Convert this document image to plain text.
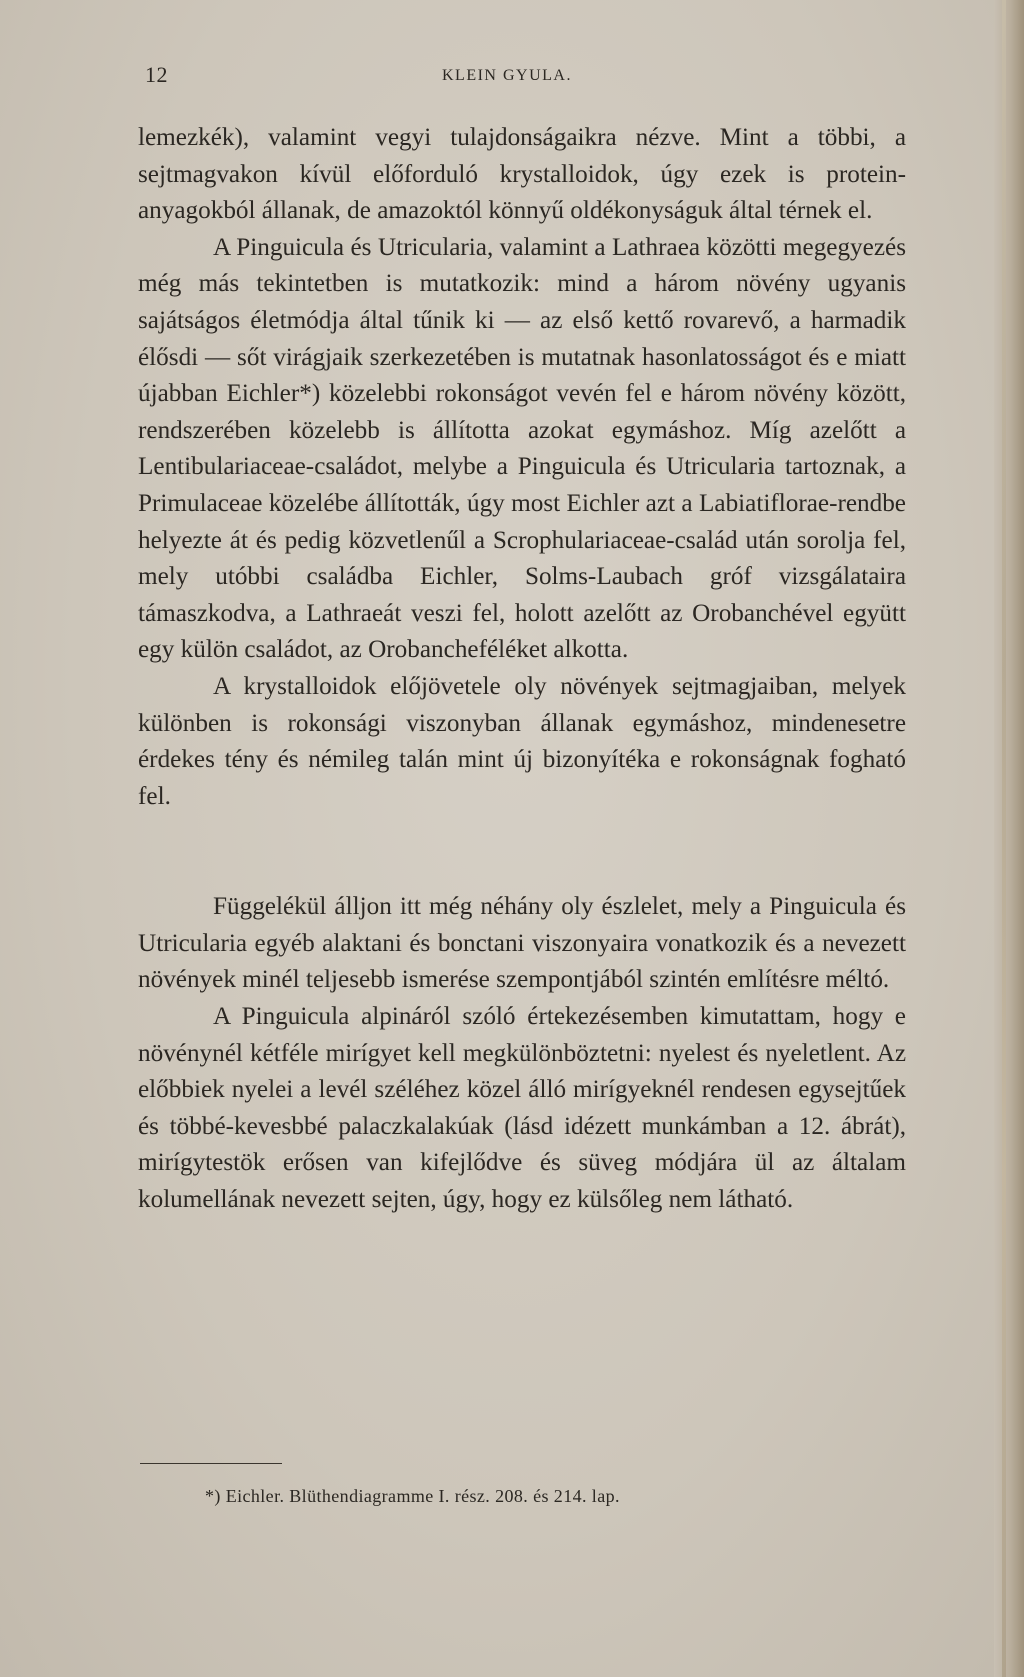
12	KLEIN GYULA.

lemezkék), valamint vegyi tulajdonságaikra nézve. Mint a többi, a sejtmagvakon kívül előforduló krystalloidok, úgy ezek is protein-anyagokból állanak, de amazoktól könnyű oldékonyságuk által térnek el.

A Pinguicula és Utricularia, valamint a Lathraea közötti megegyezés még más tekintetben is mutatkozik: mind a három növény ugyanis sajátságos életmódja által tűnik ki — az első kettő rovarevő, a harmadik élősdi — sőt virágjaik szerkezetében is mutatnak hasonlatosságot és e miatt újabban Eichler*) közelebbi rokonságot vevén fel e három növény között, rendszerében közelebb is állította azokat egymáshoz. Míg azelőtt a Lentibulariaceae-családot, melybe a Pinguicula és Utricularia tartoznak, a Primulaceae közelébe állították, úgy most Eichler azt a Labiatiflorae-rendbe helyezte át és pedig közvetlenűl a Scrophulariaceae-család után sorolja fel, mely utóbbi családba Eichler, Solms-Laubach gróf vizsgálataira támaszkodva, a Lathraeát veszi fel, holott azelőtt az Orobanchével együtt egy külön családot, az Orobancheféléket alkotta.

A krystalloidok előjövetele oly növények sejtmagjaiban, melyek különben is rokonsági viszonyban állanak egymáshoz, mindenesetre érdekes tény és némileg talán mint új bizonyítéka e rokonságnak fogható fel.

Függelékül álljon itt még néhány oly észlelet, mely a Pinguicula és Utricularia egyéb alaktani és bonctani viszonyaira vonatkozik és a nevezett növények minél teljesebb ismerése szempontjából szintén említésre méltó.

A Pinguicula alpináról szóló értekezésemben kimutattam, hogy e növénynél kétféle mirígyet kell megkülönböztetni: nyelest és nyeletlent. Az előbbiek nyelei a levél széléhez közel álló mirígyeknél rendesen egysejtűek és többé-kevesbbé palaczkalakúak (lásd idézett munkámban a 12. ábrát), mirígytestök erősen van kifejlődve és süveg módjára ül az általam kolumellának nevezett sejten, úgy, hogy ez külsőleg nem látható.

*) Eichler. Blüthendiagramme I. rész. 208. és 214. lap.
